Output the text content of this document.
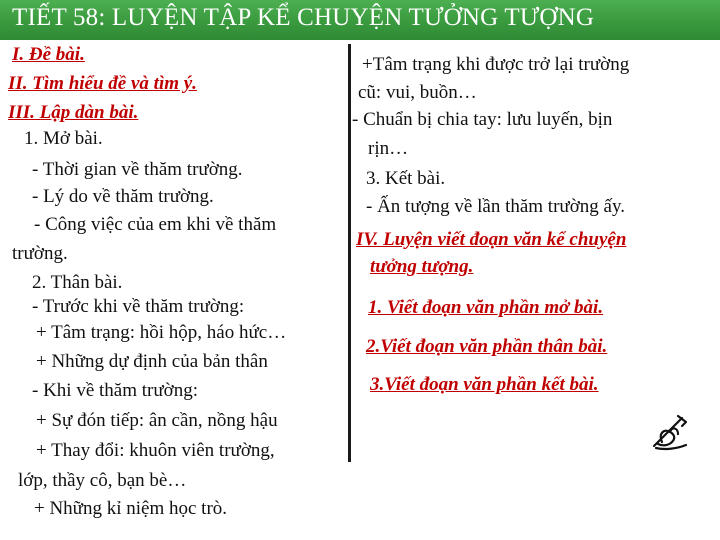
TIẾT 58: LUYỆN TẬP KỂ CHUYỆN TƯỞNG TƯỢNG
I. Đề bài.
II. Tìm hiểu đề và tìm ý.
III. Lập dàn bài.
1. Mở bài.
- Thời gian về thăm trường.
- Lý do về thăm trường.
- Công việc của em khi về thăm
trường.
2. Thân bài.
- Trước khi về thăm trường:
+ Tâm trạng: hồi hộp, háo hức…
+ Những dự định của bản thân
- Khi về thăm trường:
+ Sự đón tiếp: ân cần, nồng hậu
+ Thay đổi: khuôn viên trường,
lớp, thầy cô, bạn bè…
+ Những kỉ niệm học trò.
+Tâm trạng khi được trở lại trường
cũ: vui, buồn…
- Chuẩn bị chia tay: lưu luyến, bịn
rịn…
3. Kết bài.
- Ấn tượng về lần thăm trường ấy.
IV. Luyện viết đoạn văn kể chuyện
tưởng tượng.
1. Viết đoạn văn phần mở bài.
2.Viết đoạn văn phần thân bài.
3.Viết đoạn văn phần kết bài.
